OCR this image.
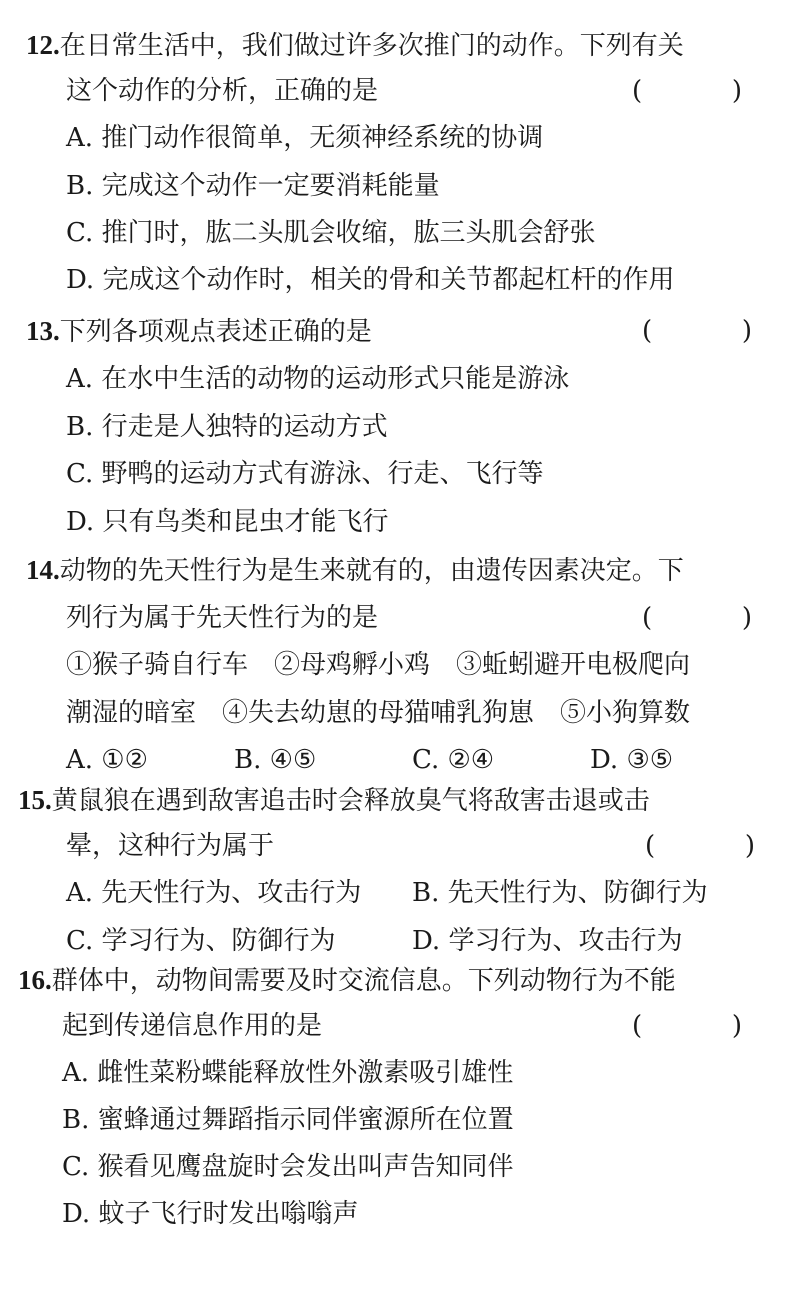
12.在日常生活中，我们做过许多次推门的动作。下列有关
这个动作的分析，正确的是	(	)
A. 推门动作很简单，无须神经系统的协调
B. 完成这个动作一定要消耗能量
C. 推门时，肱二头肌会收缩，肱三头肌会舒张
D. 完成这个动作时，相关的骨和关节都起杠杆的作用
13.下列各项观点表述正确的是	(	)
A. 在水中生活的动物的运动形式只能是游泳
B. 行走是人独特的运动方式
C. 野鸭的运动方式有游泳、行走、飞行等
D. 只有鸟类和昆虫才能飞行
14.动物的先天性行为是生来就有的，由遗传因素决定。下
列行为属于先天性行为的是	(	)
①猴子骑自行车　②母鸡孵小鸡　③蚯蚓避开电极爬向
潮湿的暗室　④失去幼崽的母猫哺乳狗崽　⑤小狗算数
A. ①②	B. ④⑤	C. ②④	D. ③⑤
15.黄鼠狼在遇到敌害追击时会释放臭气将敌害击退或击
晕，这种行为属于	(	)
A. 先天性行为、攻击行为 B. 先天性行为、防御行为
C. 学习行为、防御行为	D. 学习行为、攻击行为
16.群体中，动物间需要及时交流信息。下列动物行为不能
起到传递信息作用的是	(	)
A. 雌性菜粉蝶能释放性外激素吸引雄性
B. 蜜蜂通过舞蹈指示同伴蜜源所在位置
C. 猴看见鹰盘旋时会发出叫声告知同伴
D. 蚊子飞行时发出嗡嗡声
